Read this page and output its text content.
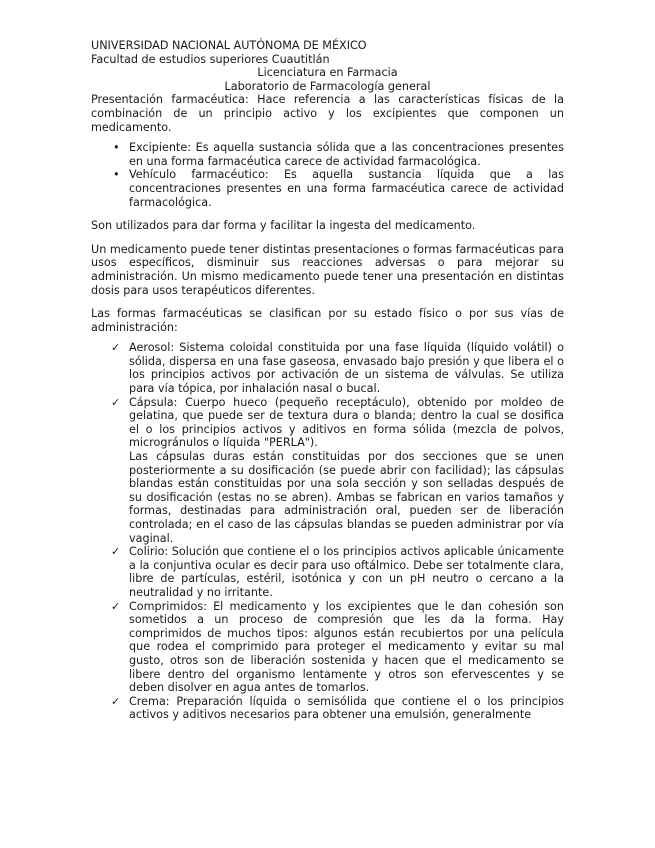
UNIVERSIDAD NACIONAL AUTÓNOMA DE MÉXICO

Facultad de estudios superiores Cuautitlán

Licenciatura en Farmacia

Laboratorio de Farmacología general

Presentación farmacéutica: Hace referencia a las características físicas de la combinación de un principio activo y los excipientes que componen un medicamento.

• Excipiente: Es aquella sustancia sólida que a las concentraciones presentes en una forma farmacéutica carece de actividad farmacológica.
• Vehículo farmacéutico: Es aquella sustancia líquida que a las concentraciones presentes en una forma farmacéutica carece de actividad farmacológica.

Son utilizados para dar forma y facilitar la ingesta del medicamento.

Un medicamento puede tener distintas presentaciones o formas farmacéuticas para usos específicos, disminuir sus reacciones adversas o para mejorar su administración. Un mismo medicamento puede tener una presentación en distintas dosis para usos terapéuticos diferentes.

Las formas farmacéuticas se clasifican por su estado físico o por sus vías de administración:

✓ Aerosol: Sistema coloidal constituida por una fase líquida (líquido volátil) o sólida, dispersa en una fase gaseosa, envasado bajo presión y que libera el o los principios activos por activación de un sistema de válvulas. Se utiliza para vía tópica, por inhalación nasal o bucal.
✓ Cápsula: Cuerpo hueco (pequeño receptáculo), obtenido por moldeo de gelatina, que puede ser de textura dura o blanda; dentro la cual se dosifica el o los principios activos y aditivos en forma sólida (mezcla de polvos, microgránulos o líquida "PERLA").
Las cápsulas duras están constituidas por dos secciones que se unen posteriormente a su dosificación (se puede abrir con facilidad); las cápsulas blandas están constituidas por una sola sección y son selladas después de su dosificación (estas no se abren). Ambas se fabrican en varios tamaños y formas, destinadas para administración oral, pueden ser de liberación controlada; en el caso de las cápsulas blandas se pueden administrar por vía vaginal.
✓ Colirio: Solución que contiene el o los principios activos aplicable únicamente a la conjuntiva ocular es decir para uso oftálmico. Debe ser totalmente clara, libre de partículas, estéril, isotónica y con un pH neutro o cercano a la neutralidad y no irritante.
✓ Comprimidos: El medicamento y los excipientes que le dan cohesión son sometidos a un proceso de compresión que les da la forma. Hay comprimidos de muchos tipos: algunos están recubiertos por una película que rodea el comprimido para proteger el medicamento y evitar su mal gusto, otros son de liberación sostenida y hacen que el medicamento se libere dentro del organismo lentamente y otros son efervescentes y se deben disolver en agua antes de tomarlos.
✓ Crema: Preparación líquida o semisólida que contiene el o los principios activos y aditivos necesarios para obtener una emulsión, generalmente
